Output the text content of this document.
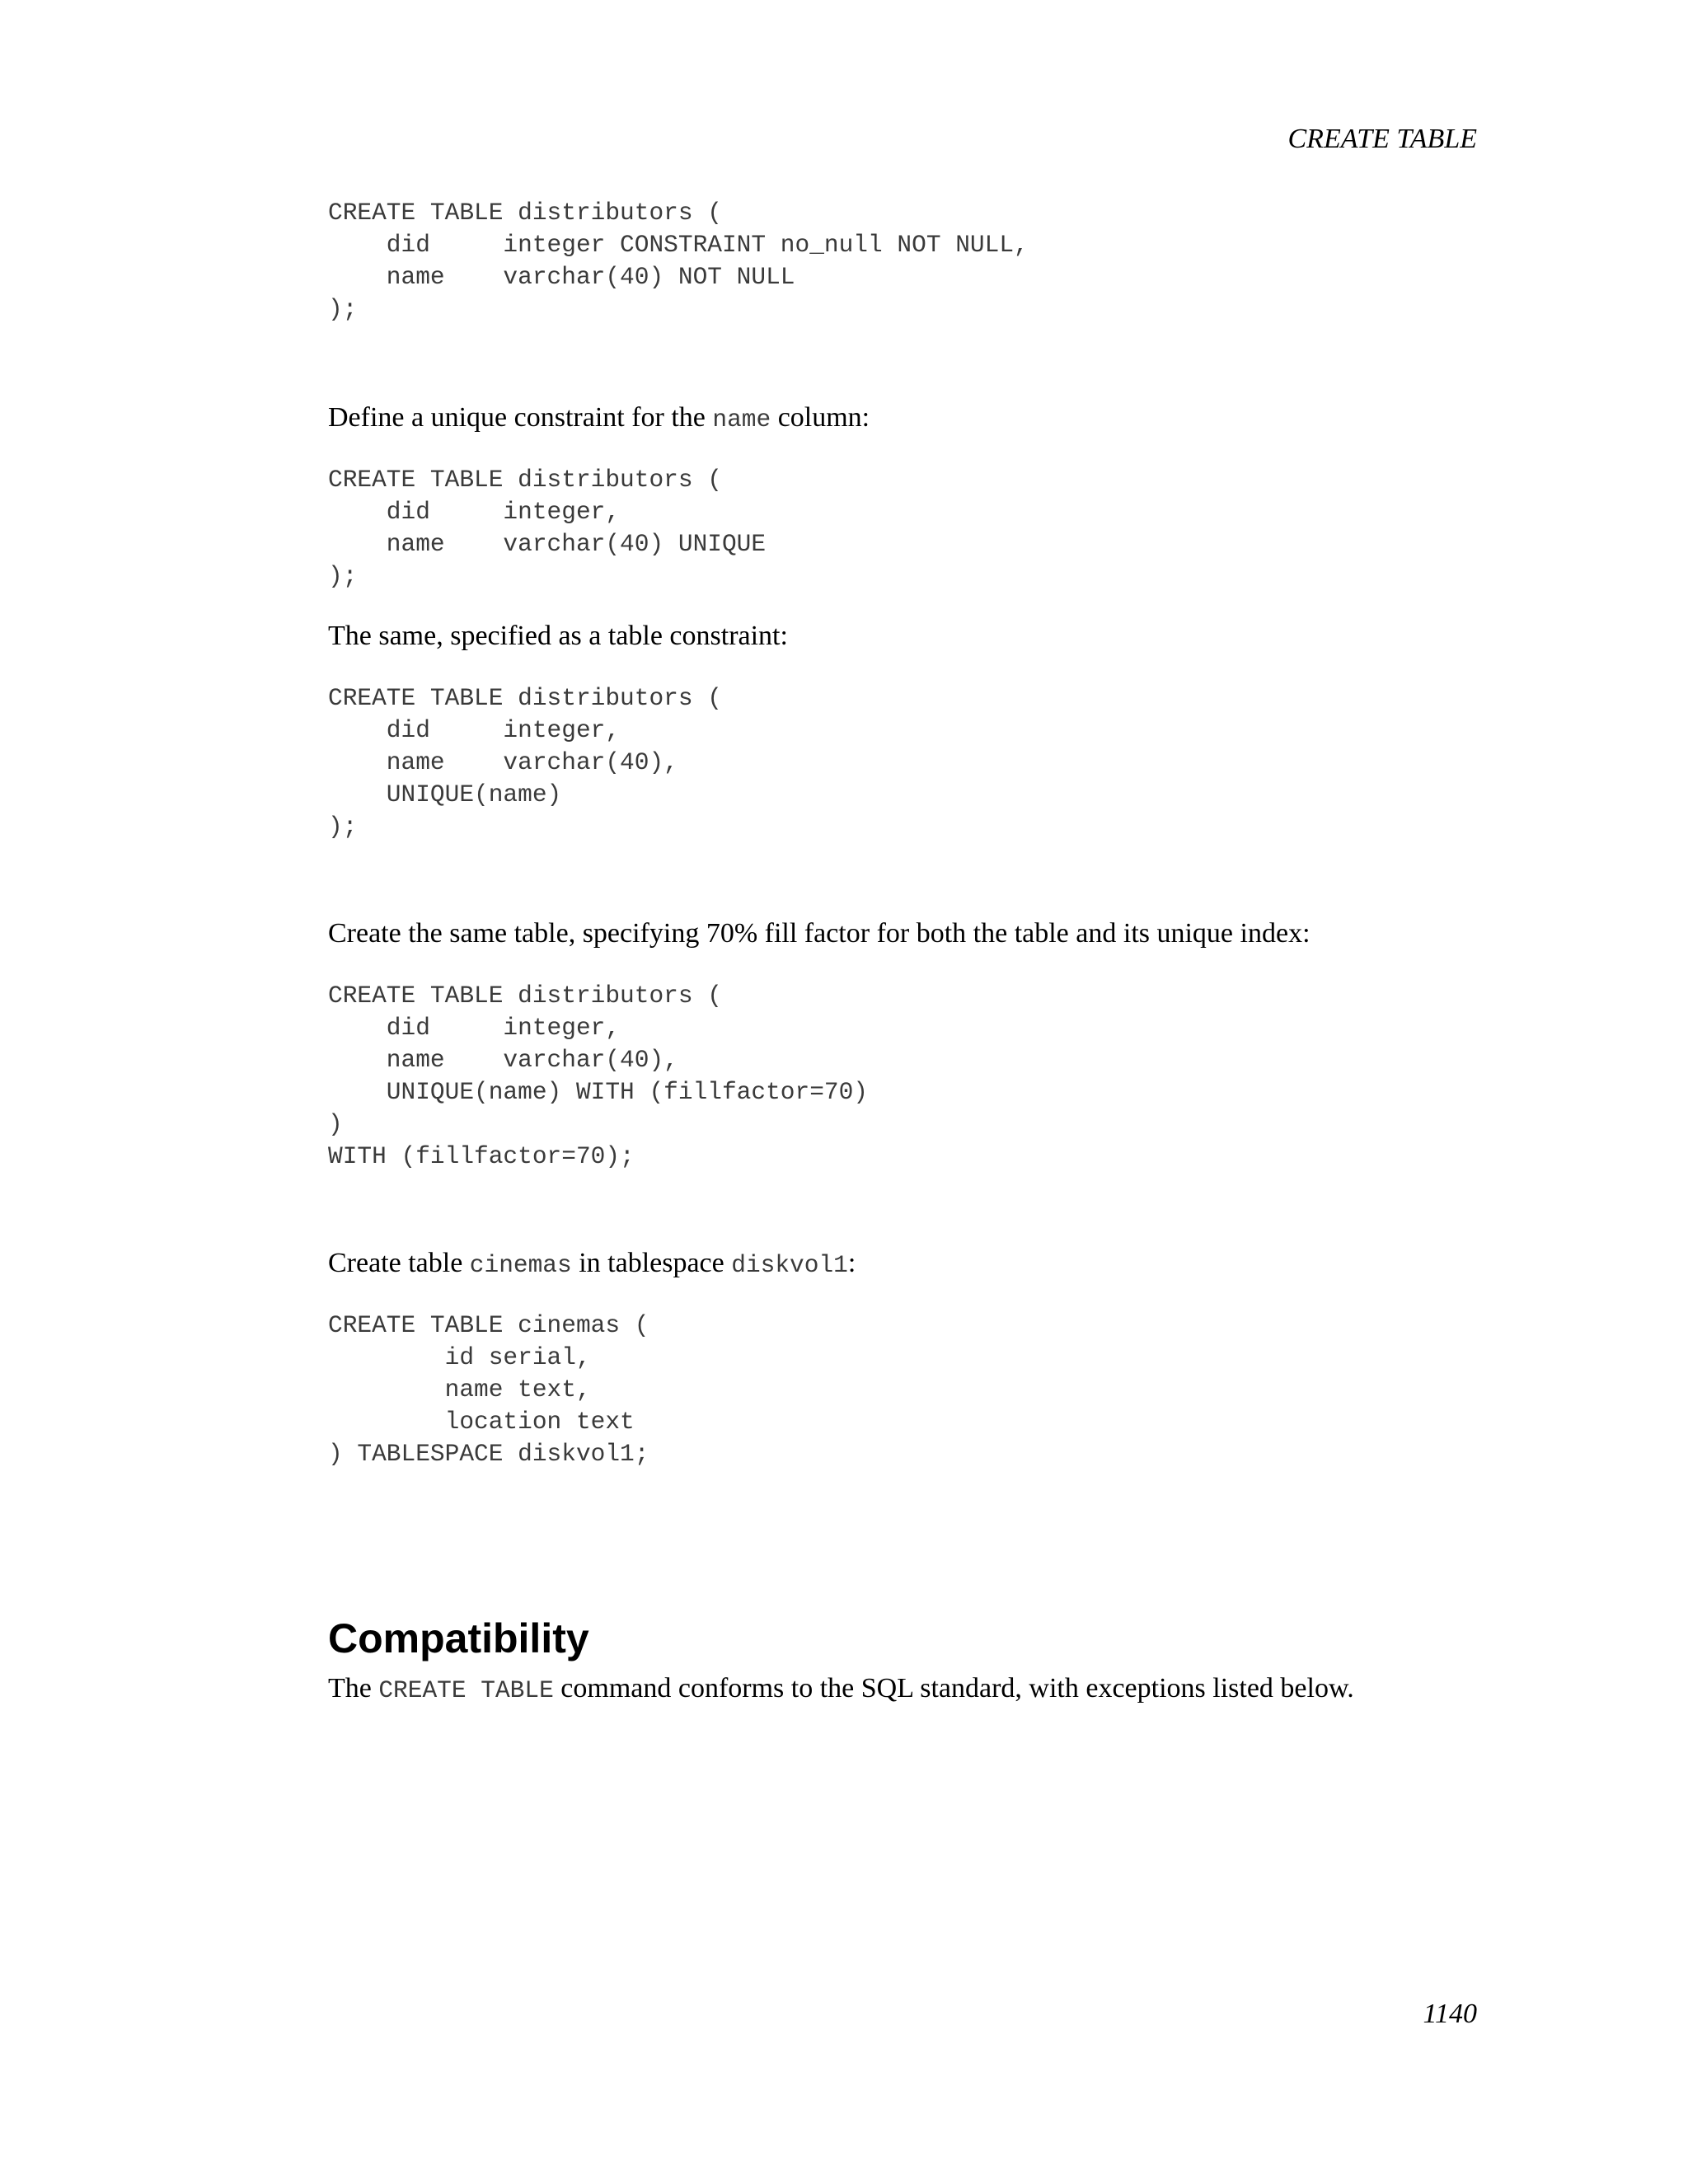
CREATE TABLE
CREATE TABLE distributors (
did     integer CONSTRAINT no_null NOT NULL,
name    varchar(40) NOT NULL
);

Define a unique constraint for the name column:

CREATE TABLE distributors (
did     integer,
name    varchar(40) UNIQUE
);

The same, specified as a table constraint:

CREATE TABLE distributors (
did     integer,
name    varchar(40),
UNIQUE(name)
);

Create the same table, specifying 70% fill factor for both the table and its unique index:

CREATE TABLE distributors (
did     integer,
name    varchar(40),
UNIQUE(name) WITH (fillfactor=70)
)
WITH (fillfactor=70);

Create table cinemas in tablespace diskvol1:

CREATE TABLE cinemas (
id serial,
name text,
location text
) TABLESPACE diskvol1;
Compatibility

The CREATE TABLE command conforms to the SQL standard, with exceptions listed below.

1140
